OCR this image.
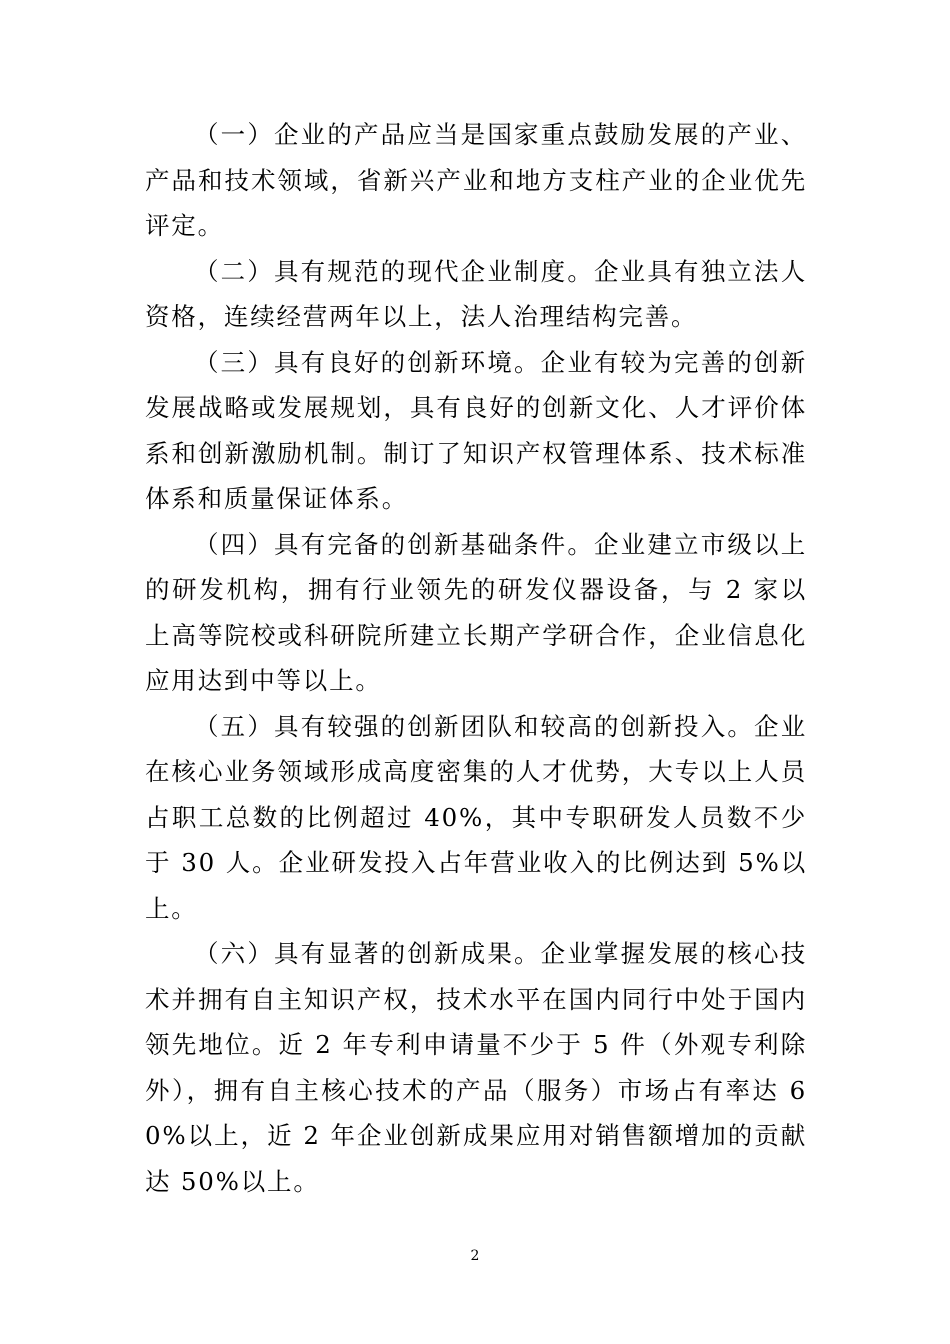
（一）企业的产品应当是国家重点鼓励发展的产业、产品和技术领域，省新兴产业和地方支柱产业的企业优先评定。

（二）具有规范的现代企业制度。企业具有独立法人资格，连续经营两年以上，法人治理结构完善。

（三）具有良好的创新环境。企业有较为完善的创新发展战略或发展规划，具有良好的创新文化、人才评价体系和创新激励机制。制订了知识产权管理体系、技术标准体系和质量保证体系。

（四）具有完备的创新基础条件。企业建立市级以上的研发机构，拥有行业领先的研发仪器设备，与 2 家以上高等院校或科研院所建立长期产学研合作，企业信息化应用达到中等以上。

（五）具有较强的创新团队和较高的创新投入。企业在核心业务领域形成高度密集的人才优势，大专以上人员占职工总数的比例超过 40%，其中专职研发人员数不少于 30 人。企业研发投入占年营业收入的比例达到 5%以上。

（六）具有显著的创新成果。企业掌握发展的核心技术并拥有自主知识产权，技术水平在国内同行中处于国内领先地位。近 2 年专利申请量不少于 5 件（外观专利除外），拥有自主核心技术的产品（服务）市场占有率达 60%以上，近 2 年企业创新成果应用对销售额增加的贡献达 50%以上。

2
